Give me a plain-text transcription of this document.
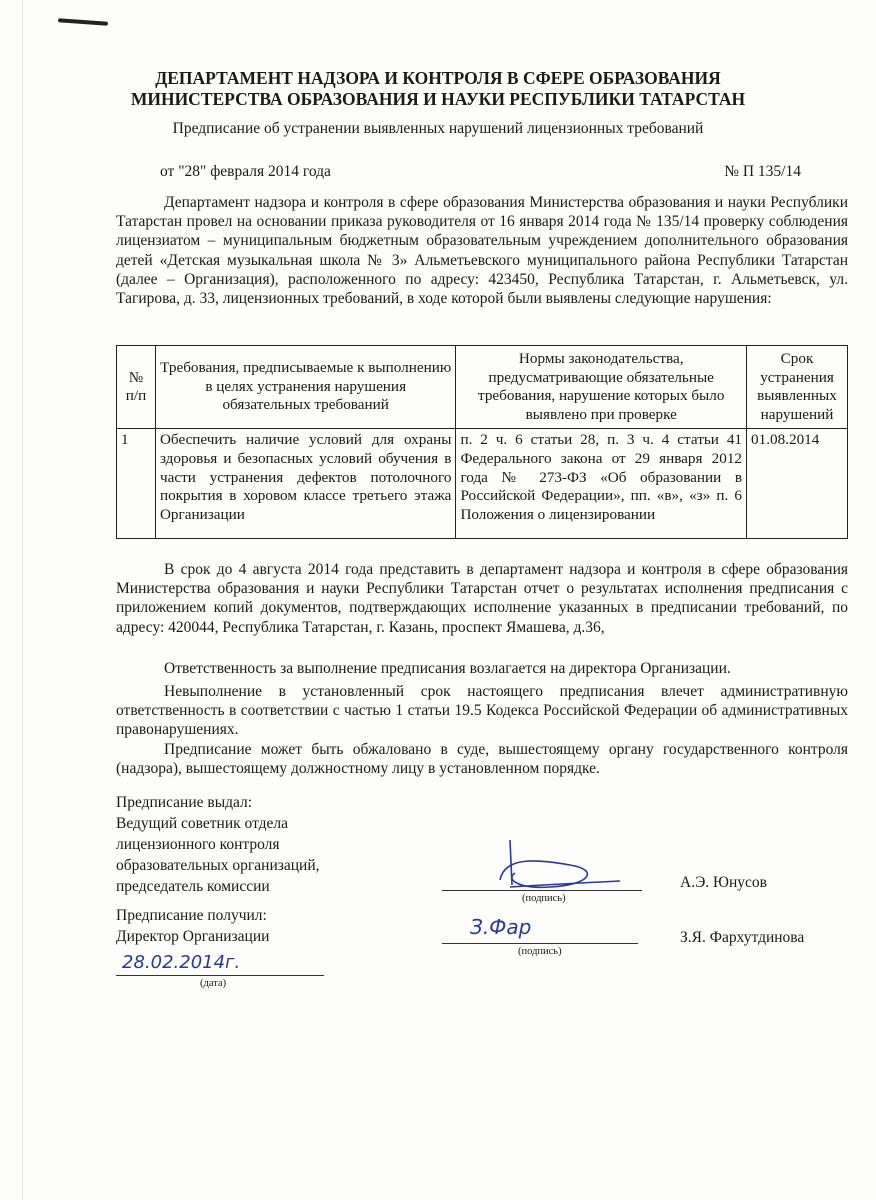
ДЕПАРТАМЕНТ НАДЗОРА И КОНТРОЛЯ В СФЕРЕ ОБРАЗОВАНИЯ
МИНИСТЕРСТВА ОБРАЗОВАНИЯ И НАУКИ РЕСПУБЛИКИ ТАТАРСТАН
Предписание об устранении выявленных нарушений лицензионных требований
от "28" февраля 2014 года	№ П 135/14
Департамент надзора и контроля в сфере образования Министерства образования и науки Республики Татарстан провел на основании приказа руководителя от 16 января 2014 года № 135/14 проверку соблюдения лицензиатом – муниципальным бюджетным образовательным учреждением дополнительного образования детей «Детская музыкальная школа № 3» Альметьевского муниципального района Республики Татарстан (далее – Организация), расположенного по адресу: 423450, Республика Татарстан, г. Альметьевск, ул. Тагирова, д. 33, лицензионных требований, в ходе которой были выявлены следующие нарушения:
№ п/п	Требования, предписываемые к выполнению в целях устранения нарушения обязательных требований	Нормы законодательства, предусматривающие обязательные требования, нарушение которых было выявлено при проверке	Срок устранения выявленных нарушений
1	Обеспечить наличие условий для охраны здоровья и безопасных условий обучения в части устранения дефектов потолочного покрытия в хоровом классе третьего этажа Организации	п. 2 ч. 6 статьи 28, п. 3 ч. 4 статьи 41 Федерального закона от 29 января 2012 года № 273-ФЗ «Об образовании в Российской Федерации», пп. «в», «з» п. 6 Положения о лицензировании	01.08.2014
В срок до 4 августа 2014 года представить в департамент надзора и контроля в сфере образования Министерства образования и науки Республики Татарстан отчет о результатах исполнения предписания с приложением копий документов, подтверждающих исполнение указанных в предписании требований, по адресу: 420044, Республика Татарстан, г. Казань, проспект Ямашева, д.36,
Ответственность за выполнение предписания возлагается на директора Организации.
Невыполнение в установленный срок настоящего предписания влечет административную ответственность в соответствии с частью 1 статьи 19.5 Кодекса Российской Федерации об административных правонарушениях.
Предписание может быть обжаловано в суде, вышестоящему органу государственного контроля (надзора), вышестоящему должностному лицу в установленном порядке.
Предписание выдал:
Ведущий советник отдела
лицензионного контроля
образовательных организаций,
председатель комиссии
(подпись)
А.Э. Юнусов
Предписание получил:
Директор Организации	З.Фар
(подпись)
З.Я. Фархутдинова
28.02.2014г.
(дата)
